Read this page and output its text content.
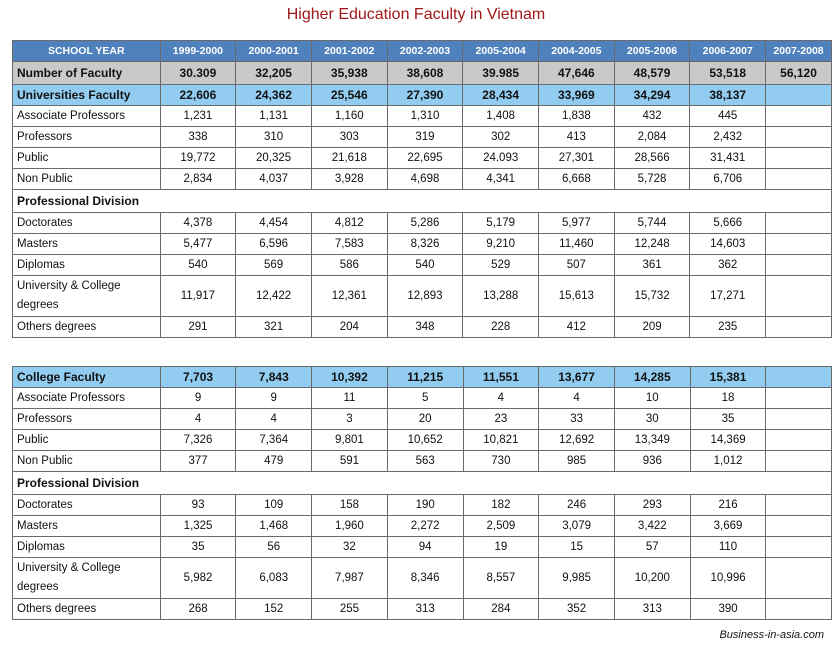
Higher Education Faculty in Vietnam
SCHOOL YEAR	1999-2000	2000-2001	2001-2002	2002-2003	2005-2004	2004-2005	2005-2006	2006-2007	2007-2008
Number of Faculty	30.309	32,205	35,938	38,608	39.985	47,646	48,579	53,518	56,120
Universities Faculty	22,606	24,362	25,546	27,390	28,434	33,969	34,294	38,137	
Associate Professors	1,231	1,131	1,160	1,310	1,408	1,838	432	445	
Professors	338	310	303	319	302	413	2,084	2,432	
Public	19,772	20,325	21,618	22,695	24.093	27,301	28,566	31,431	
Non Public	2,834	4,037	3,928	4,698	4,341	6,668	5,728	6,706	
Professional Division									
Doctorates	4,378	4,454	4,812	5,286	5,179	5,977	5,744	5,666	
Masters	5,477	6,596	7,583	8,326	9,210	11,460	12,248	14,603	
Diplomas	540	569	586	540	529	507	361	362	
University & College degrees	11,917	12,422	12,361	12,893	13,288	15,613	15,732	17,271	
Others degrees	291	321	204	348	228	412	209	235	
College Faculty	7,703	7,843	10,392	11,215	11,551	13,677	14,285	15,381	
Associate Professors	9	9	11	5	4	4	10	18	
Professors	4	4	3	20	23	33	30	35	
Public	7,326	7,364	9,801	10,652	10,821	12,692	13,349	14,369	
Non Public	377	479	591	563	730	985	936	1,012	
Professional Division									
Doctorates	93	109	158	190	182	246	293	216	
Masters	1,325	1,468	1,960	2,272	2,509	3,079	3,422	3,669	
Diplomas	35	56	32	94	19	15	57	110	
University & College degrees	5,982	6,083	7,987	8,346	8,557	9,985	10,200	10,996	
Others degrees	268	152	255	313	284	352	313	390	
Business-in-asia.com
